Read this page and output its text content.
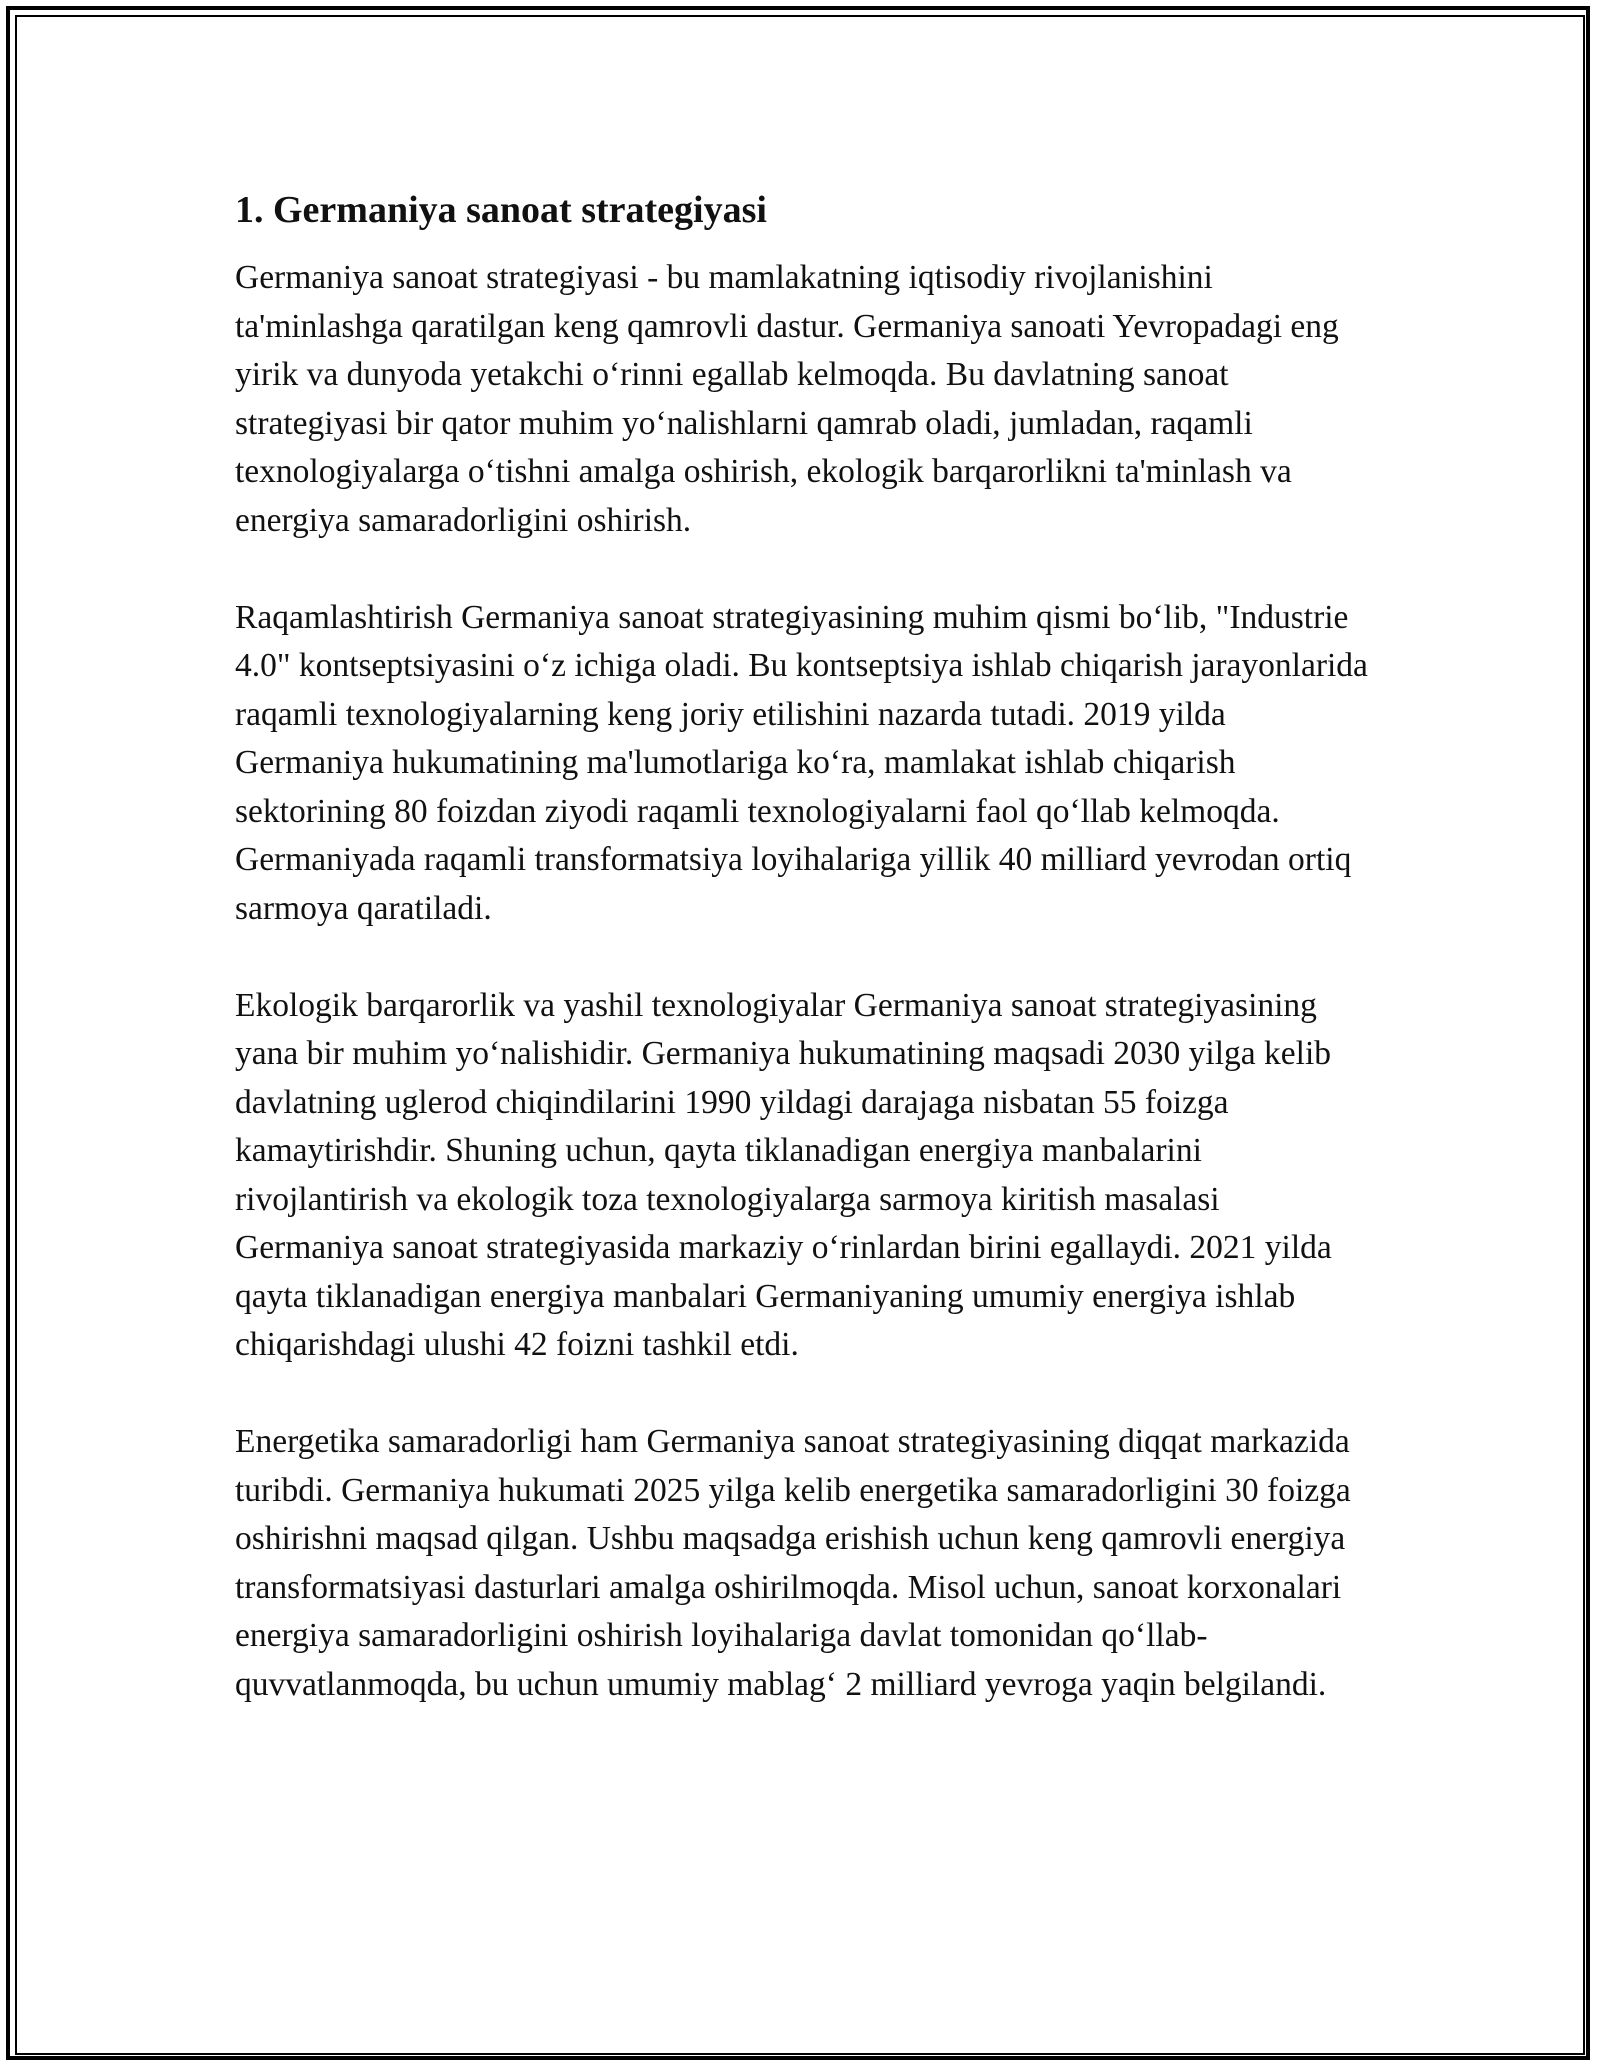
1. Germaniya sanoat strategiyasi

Germaniya sanoat strategiyasi - bu mamlakatning iqtisodiy rivojlanishini ta'minlashga qaratilgan keng qamrovli dastur. Germaniya sanoati Yevropadagi eng yirik va dunyoda yetakchi o‘rinni egallab kelmoqda. Bu davlatning sanoat strategiyasi bir qator muhim yo‘nalishlarni qamrab oladi, jumladan, raqamli texnologiyalarga o‘tishni amalga oshirish, ekologik barqarorlikni ta'minlash va energiya samaradorligini oshirish.

Raqamlashtirish Germaniya sanoat strategiyasining muhim qismi bo‘lib, "Industrie 4.0" kontseptsiyasini o‘z ichiga oladi. Bu kontseptsiya ishlab chiqarish jarayonlarida raqamli texnologiyalarning keng joriy etilishini nazarda tutadi. 2019 yilda Germaniya hukumatining ma'lumotlariga ko‘ra, mamlakat ishlab chiqarish sektorining 80 foizdan ziyodi raqamli texnologiyalarni faol qo‘llab kelmoqda. Germaniyada raqamli transformatsiya loyihalariga yillik 40 milliard yevrodan ortiq sarmoya qaratiladi.

Ekologik barqarorlik va yashil texnologiyalar Germaniya sanoat strategiyasining yana bir muhim yo‘nalishidir. Germaniya hukumatining maqsadi 2030 yilga kelib davlatning uglerod chiqindilarini 1990 yildagi darajaga nisbatan 55 foizga kamaytirishdir. Shuning uchun, qayta tiklanadigan energiya manbalarini rivojlantirish va ekologik toza texnologiyalarga sarmoya kiritish masalasi Germaniya sanoat strategiyasida markaziy o‘rinlardan birini egallaydi. 2021 yilda qayta tiklanadigan energiya manbalari Germaniyaning umumiy energiya ishlab chiqarishdagi ulushi 42 foizni tashkil etdi.

Energetika samaradorligi ham Germaniya sanoat strategiyasining diqqat markazida turibdi. Germaniya hukumati 2025 yilga kelib energetika samaradorligini 30 foizga oshirishni maqsad qilgan. Ushbu maqsadga erishish uchun keng qamrovli energiya transformatsiyasi dasturlari amalga oshirilmoqda. Misol uchun, sanoat korxonalari energiya samaradorligini oshirish loyihalariga davlat tomonidan qo‘llab-quvvatlanmoqda, bu uchun umumiy mablag‘ 2 milliard yevroga yaqin belgilandi.
